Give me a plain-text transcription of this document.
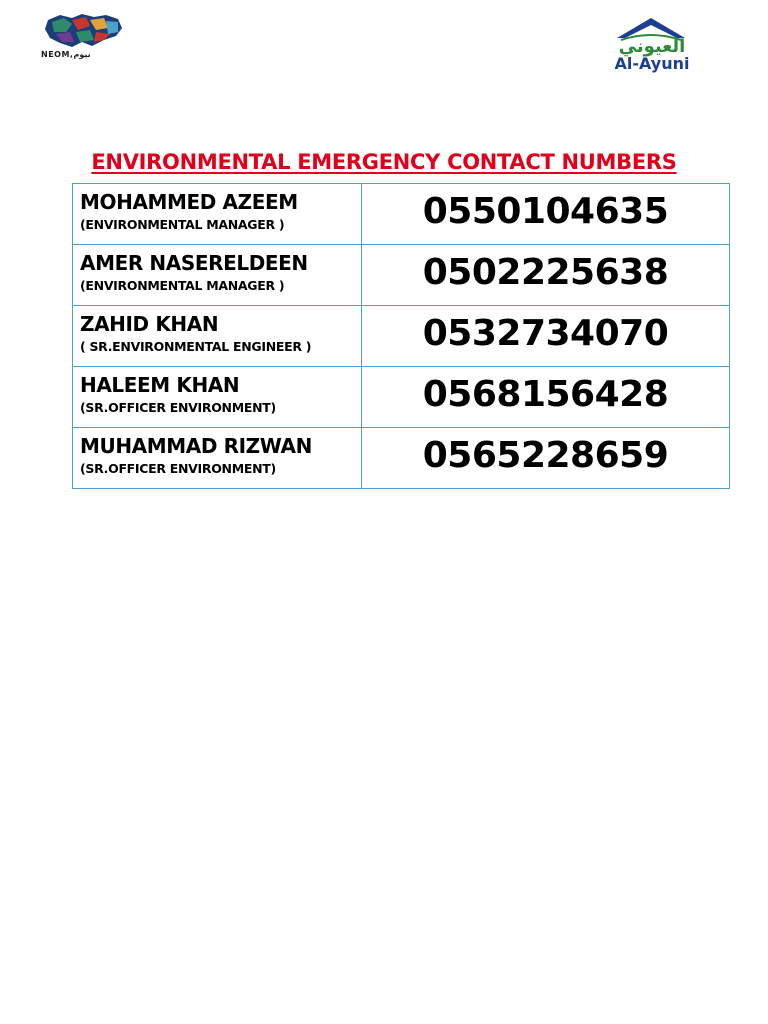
NEOM,نيوم	العيوني
Al-Ayuni
ENVIRONMENTAL EMERGENCY CONTACT NUMBERS
MOHAMMED AZEEM
(ENVIRONMENTAL MANAGER )	0550104635

AMER NASERELDEEN
(ENVIRONMENTAL MANAGER )	0502225638

ZAHID KHAN
( SR.ENVIRONMENTAL ENGINEER )	0532734070

HALEEM KHAN
(SR.OFFICER ENVIRONMENT)	0568156428

MUHAMMAD RIZWAN
(SR.OFFICER ENVIRONMENT)	0565228659
